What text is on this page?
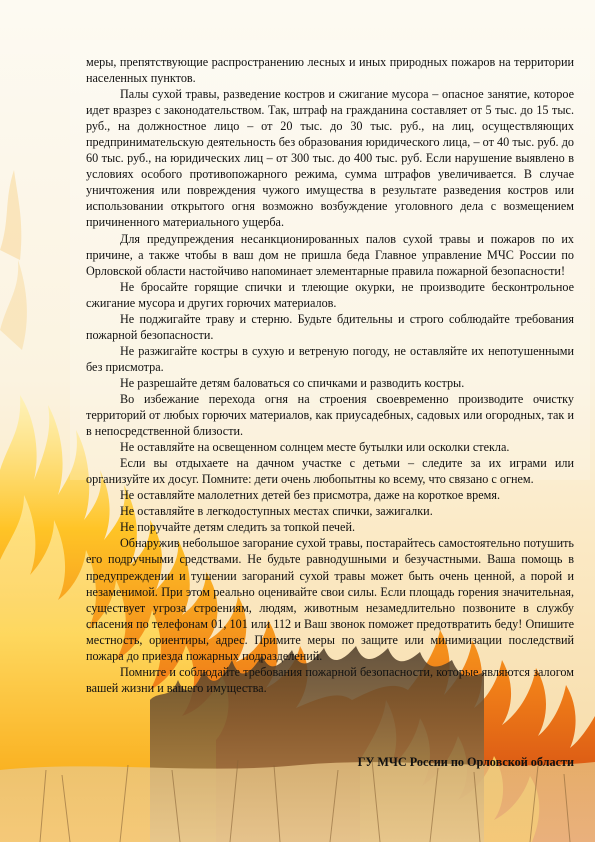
меры, препятствующие распространению лесных и иных природных пожаров на территории населенных пунктов.

Палы сухой травы, разведение костров и сжигание мусора – опасное занятие, которое идет вразрез с законодательством. Так, штраф на гражданина составляет от 5 тыс. до 15 тыс. руб., на должностное лицо – от 20 тыс. до 30 тыс. руб., на лиц, осуществляющих предпринимательскую деятельность без образования юридического лица, – от 40 тыс. руб. до 60 тыс. руб., на юридических лиц – от 300 тыс. до 400 тыс. руб. Если нарушение выявлено в условиях особого противопожарного режима, сумма штрафов увеличивается. В случае уничтожения или повреждения чужого имущества в результате разведения костров или использовании открытого огня возможно возбуждение уголовного дела с возмещением причиненного материального ущерба.

Для предупреждения несанкционированных палов сухой травы и пожаров по их причине, а также чтобы в ваш дом не пришла беда Главное управление МЧС России по Орловской области настойчиво напоминает элементарные правила пожарной безопасности!

Не бросайте горящие спички и тлеющие окурки, не производите бесконтрольное сжигание мусора и других горючих материалов.

Не поджигайте траву и стерню. Будьте бдительны и строго соблюдайте требования пожарной безопасности.

Не разжигайте костры в сухую и ветреную погоду, не оставляйте их непотушенными без присмотра.

Не разрешайте детям баловаться со спичками и разводить костры.

Во избежание перехода огня на строения своевременно производите очистку территорий от любых горючих материалов, как приусадебных, садовых или огородных, так и в непосредственной близости.

Не оставляйте на освещенном солнцем месте бутылки или осколки стекла.

Если вы отдыхаете на дачном участке с детьми – следите за их играми или организуйте их досуг. Помните: дети очень любопытны ко всему, что связано с огнем.

Не оставляйте малолетних детей без присмотра, даже на короткое время.

Не оставляйте в легкодоступных местах спички, зажигалки.

Не поручайте детям следить за топкой печей.

Обнаружив небольшое загорание сухой травы, постарайтесь самостоятельно потушить его подручными средствами. Не будьте равнодушными и безучастными. Ваша помощь в предупреждении и тушении загораний сухой травы может быть очень ценной, а порой и незаменимой. При этом реально оценивайте свои силы. Если площадь горения значительная, существует угроза строениям, людям, животным незамедлительно позвоните в службу спасения по телефонам 01, 101 или 112 и Ваш звонок поможет предотвратить беду! Опишите местность, ориентиры, адрес. Примите меры по защите или минимизации последствий пожара до приезда пожарных подразделений.

Помните и соблюдайте требования пожарной безопасности, которые являются залогом вашей жизни и вашего имущества.

ГУ МЧС России по Орловской области
